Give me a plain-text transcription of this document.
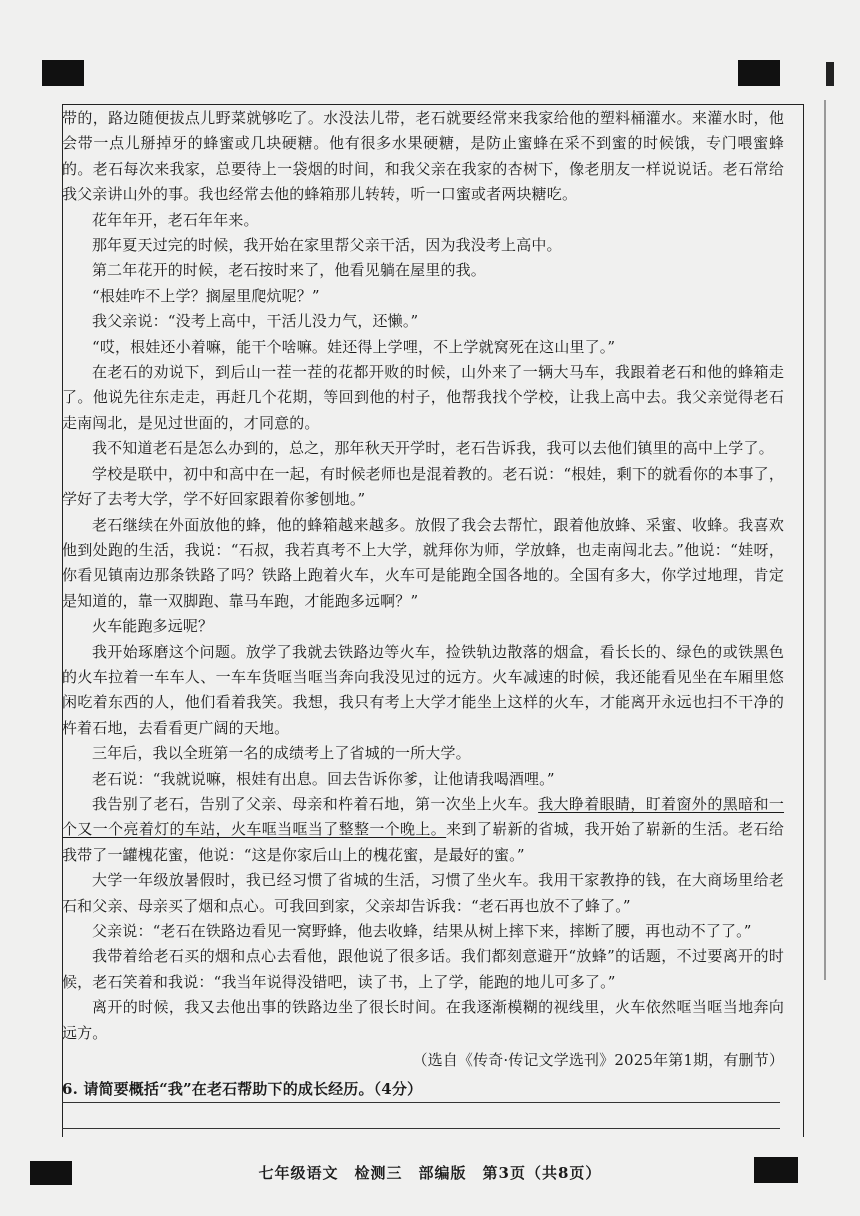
带的，路边随便拔点儿野菜就够吃了。水没法儿带，老石就要经常来我家给他的塑料桶灌水。来灌水时，他会带一点儿掰掉牙的蜂蜜或几块硬糖。他有很多水果硬糖，是防止蜜蜂在采不到蜜的时候饿，专门喂蜜蜂的。老石每次来我家，总要待上一袋烟的时间，和我父亲在我家的杏树下，像老朋友一样说说话。老石常给我父亲讲山外的事。我也经常去他的蜂箱那儿转转，听一口蜜或者两块糖吃。

花年年开，老石年年来。

那年夏天过完的时候，我开始在家里帮父亲干活，因为我没考上高中。

第二年花开的时候，老石按时来了，他看见躺在屋里的我。

“根娃咋不上学？搁屋里爬炕呢？”

我父亲说：“没考上高中，干活儿没力气，还懒。”

“哎，根娃还小着嘛，能干个啥嘛。娃还得上学哩，不上学就窝死在这山里了。”

在老石的劝说下，到后山一茬一茬的花都开败的时候，山外来了一辆大马车，我跟着老石和他的蜂箱走了。他说先往东走走，再赶几个花期，等回到他的村子，他帮我找个学校，让我上高中去。我父亲觉得老石走南闯北，是见过世面的，才同意的。

我不知道老石是怎么办到的，总之，那年秋天开学时，老石告诉我，我可以去他们镇里的高中上学了。

学校是联中，初中和高中在一起，有时候老师也是混着教的。老石说：“根娃，剩下的就看你的本事了，学好了去考大学，学不好回家跟着你爹刨地。”

老石继续在外面放他的蜂，他的蜂箱越来越多。放假了我会去帮忙，跟着他放蜂、采蜜、收蜂。我喜欢他到处跑的生活，我说：“石叔，我若真考不上大学，就拜你为师，学放蜂，也走南闯北去。”他说：“娃呀，你看见镇南边那条铁路了吗？铁路上跑着火车，火车可是能跑全国各地的。全国有多大，你学过地理，肯定是知道的，靠一双脚跑、靠马车跑，才能跑多远啊？”

火车能跑多远呢？

我开始琢磨这个问题。放学了我就去铁路边等火车，捡铁轨边散落的烟盒，看长长的、绿色的或铁黑色的火车拉着一车车人、一车车货哐当哐当奔向我没见过的远方。火车减速的时候，我还能看见坐在车厢里悠闲吃着东西的人，他们看着我笑。我想，我只有考上大学才能坐上这样的火车，才能离开永远也扫不干净的杵着石地，去看看更广阔的天地。

三年后，我以全班第一名的成绩考上了省城的一所大学。

老石说：“我就说嘛，根娃有出息。回去告诉你爹，让他请我喝酒哩。”

我告别了老石，告别了父亲、母亲和杵着石地，第一次坐上火车。我大睁着眼睛，盯着窗外的黑暗和一个又一个亮着灯的车站，火车哐当哐当了整整一个晚上。来到了崭新的省城，我开始了崭新的生活。老石给我带了一罐槐花蜜，他说：“这是你家后山上的槐花蜜，是最好的蜜。”

大学一年级放暑假时，我已经习惯了省城的生活，习惯了坐火车。我用干家教挣的钱，在大商场里给老石和父亲、母亲买了烟和点心。可我回到家，父亲却告诉我：“老石再也放不了蜂了。”

父亲说：“老石在铁路边看见一窝野蜂，他去收蜂，结果从树上摔下来，摔断了腰，再也动不了了。”

我带着给老石买的烟和点心去看他，跟他说了很多话。我们都刻意避开“放蜂”的话题，不过要离开的时候，老石笑着和我说：“我当年说得没错吧，读了书，上了学，能跑的地儿可多了。”

离开的时候，我又去他出事的铁路边坐了很长时间。在我逐渐模糊的视线里，火车依然哐当哐当地奔向远方。

（选自《传奇·传记文学选刊》2025年第1期，有删节）

6. 请简要概括“我”在老石帮助下的成长经历。（4分）

七年级语文　检测三　部编版　第3页（共8页）
